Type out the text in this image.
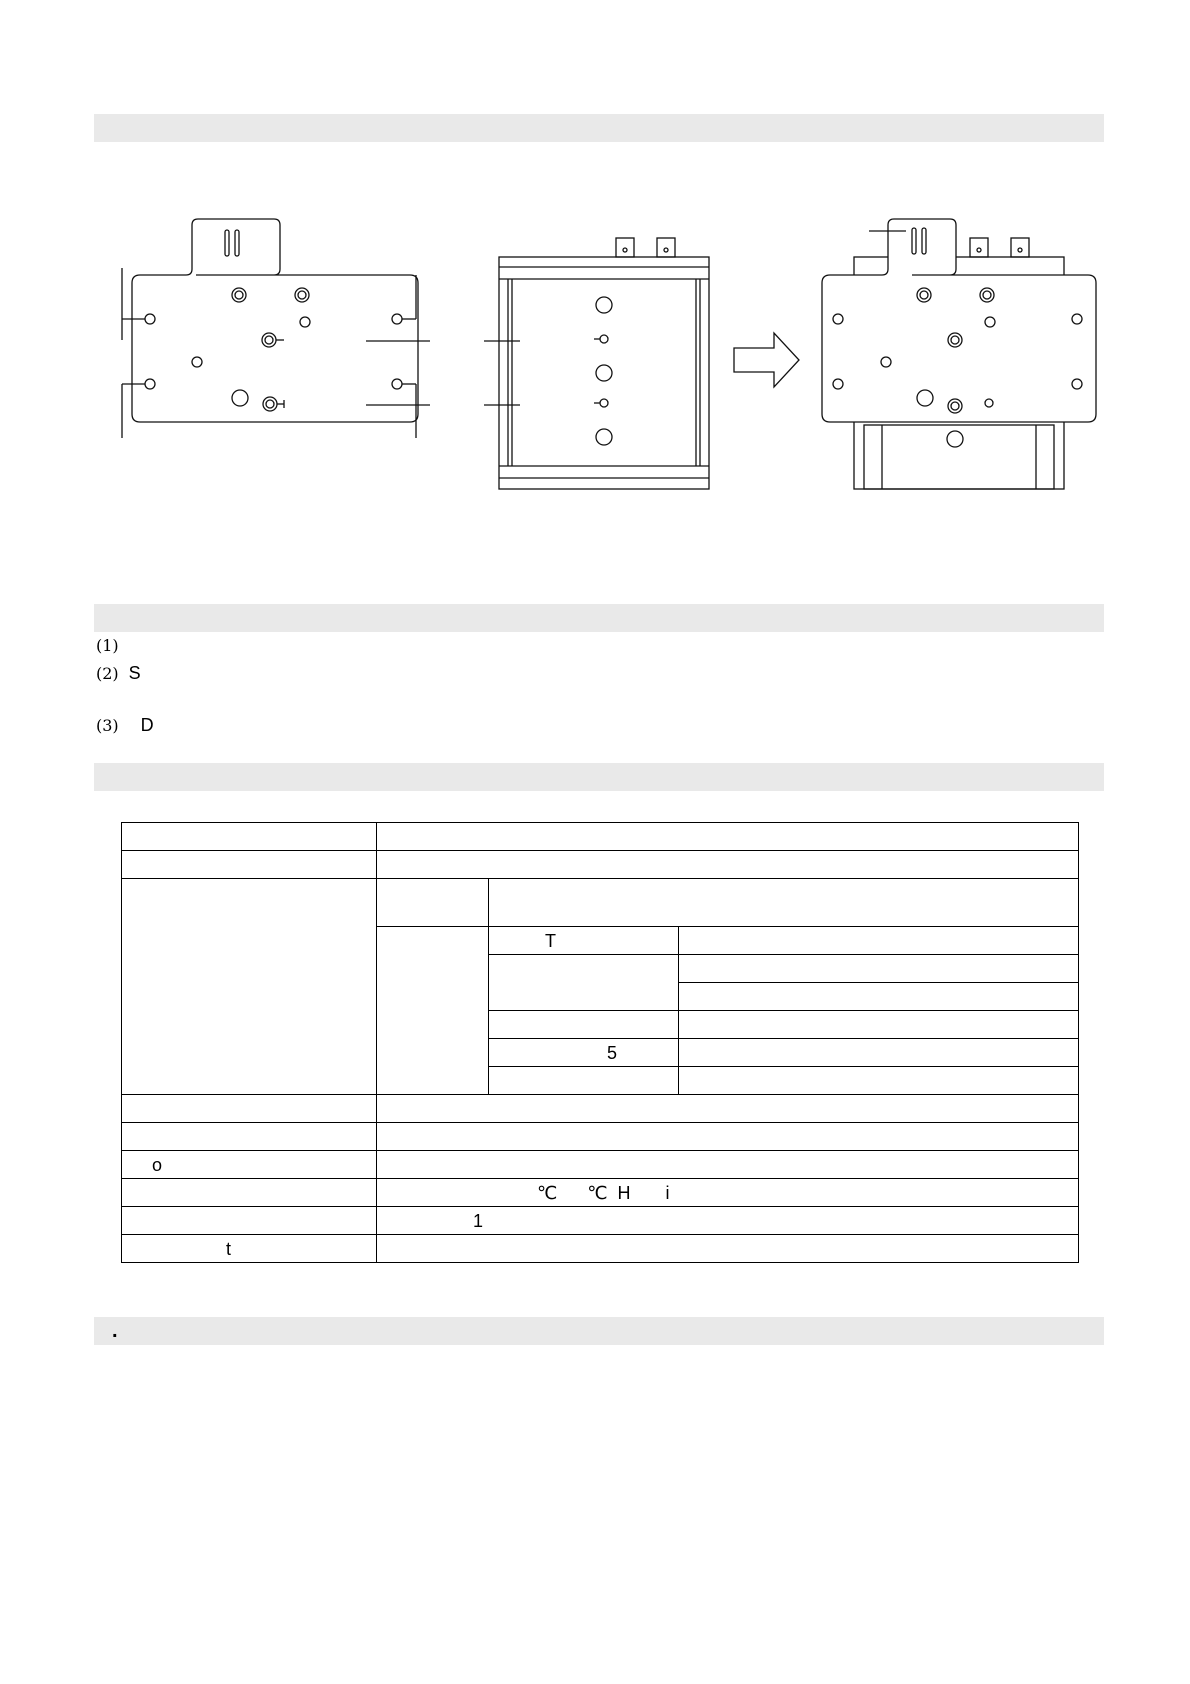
(1)
(2) S
(3) D

		T	

		5	

o			
	℃      ℃  H       i		
	1		
t			
.
